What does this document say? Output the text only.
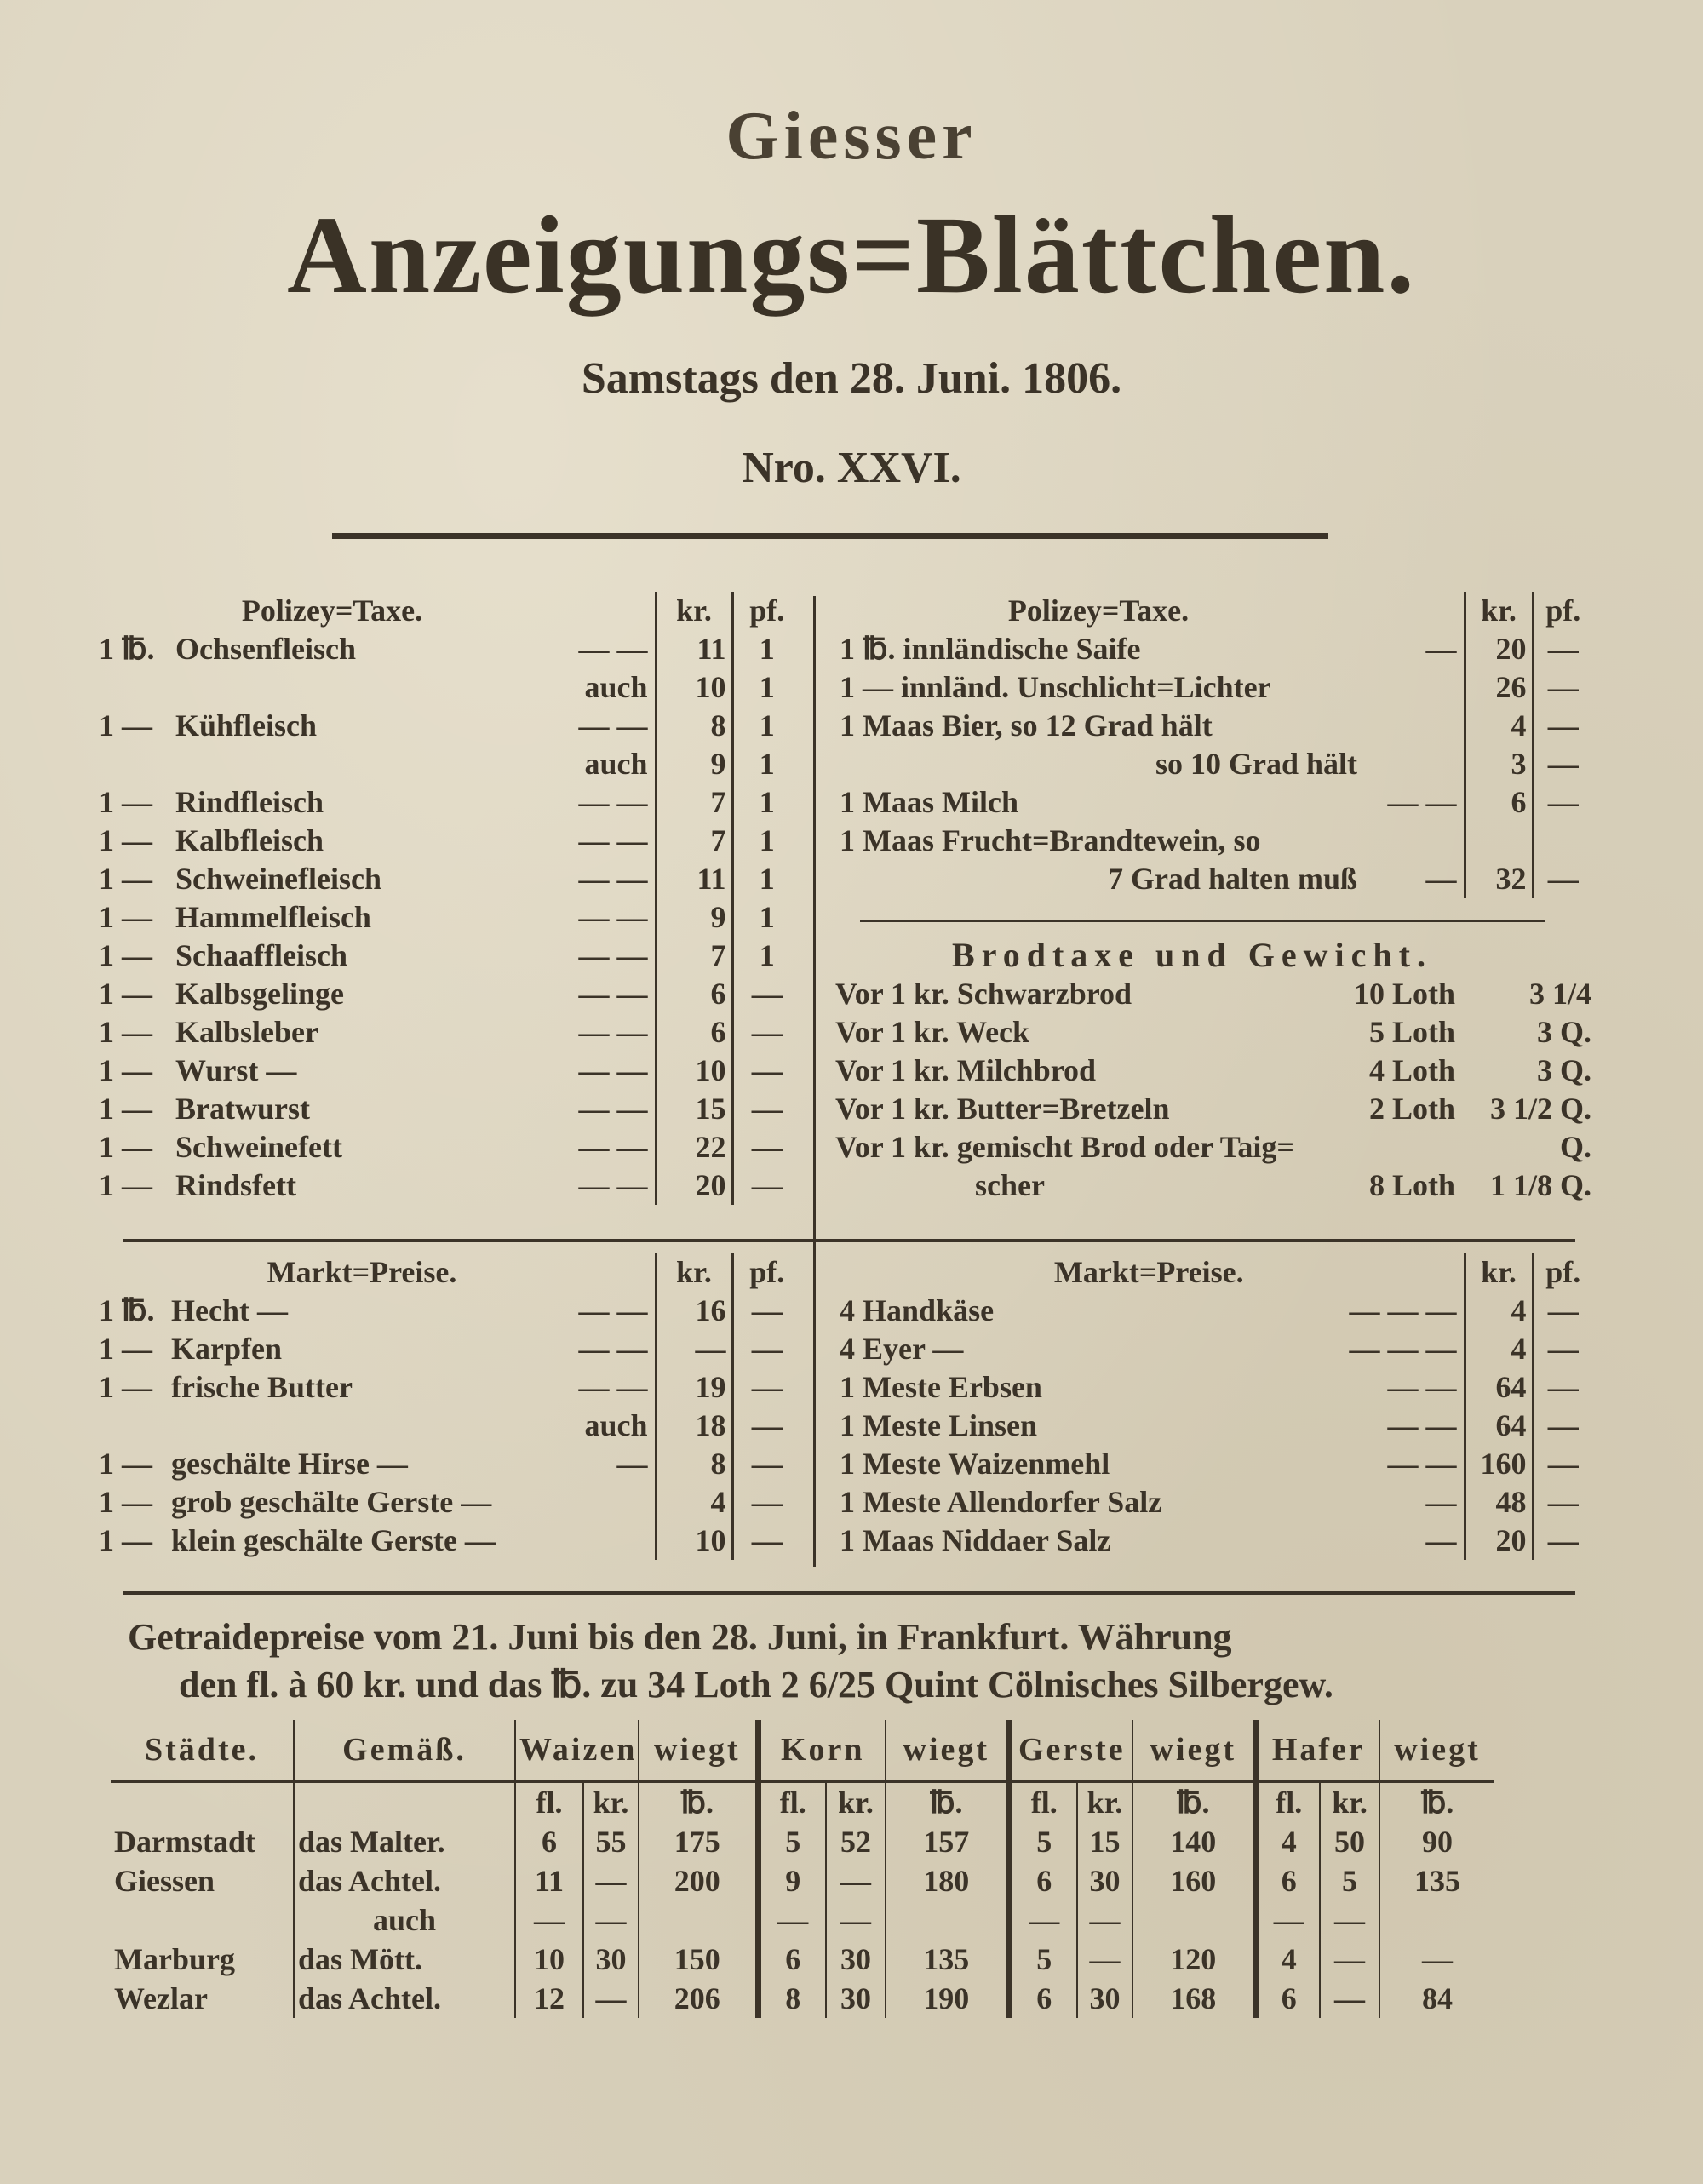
Giesser
Anzeigungs=Blättchen.
Samstags den 28. Juni. 1806.
Nro. XXVI.
	Polizey=Taxe.		kr.	pf.
1 ℔.	Ochsenfleisch	— —	11	1
		auch	10	1
1 —	Kühfleisch	— —	8	1
		auch	9	1
1 —	Rindfleisch	— —	7	1
1 —	Kalbfleisch	— —	7	1
1 —	Schweinefleisch	— —	11	1
1 —	Hammelfleisch	— —	9	1
1 —	Schaaffleisch	— —	7	1
1 —	Kalbsgelinge	— —	6	—
1 —	Kalbsleber	— —	6	—
1 —	Wurst —	— —	10	—
1 —	Bratwurst	— —	15	—
1 —	Schweinefett	— —	22	—
1 —	Rindsfett	— —	20	—
Polizey=Taxe.		kr.	pf.
1 ℔. innländische Saife	—	20	—
1 — innländ. Unschlicht=Lichter		26	—
1 Maas Bier, so 12 Grad hält		4	—
so 10 Grad hält		3	—
1 Maas Milch	— —	6	—
1 Maas Frucht=Brandtewein, so			
7 Grad halten muß	—	32	—
Brodtaxe und Gewicht.
Vor 1 kr. Schwarzbrod	10 Loth	3 1/4
Vor 1 kr. Weck	5 Loth	3 Q.
Vor 1 kr. Milchbrod	4 Loth	3 Q.
Vor 1 kr. Butter=Bretzeln	2 Loth	3 1/2 Q.
Vor 1 kr. gemischt Brod oder Taig=		Q.
scher	8 Loth	1 1/8 Q.
	Markt=Preise.		kr.	pf.
1 ℔.	Hecht —	— —	16	—
1 —	Karpfen	— —	—	—
1 —	frische Butter	— —	19	—
		auch	18	—
1 —	geschälte Hirse —	—	8	—
1 —	grob geschälte Gerste —		4	—
1 —	klein geschälte Gerste —		10	—
Markt=Preise.		kr.	pf.
4 Handkäse	— — —	4	—
4 Eyer —	— — —	4	—
1 Meste Erbsen	— —	64	—
1 Meste Linsen	— —	64	—
1 Meste Waizenmehl	— —	160	—
1 Meste Allendorfer Salz	—	48	—
1 Maas Niddaer Salz	—	20	—
Getraidepreise vom 21. Juni bis den 28. Juni, in Frankfurt. Währung
den fl. à 60 kr. und das ℔. zu 34 Loth 2 6/25 Quint Cölnisches Silbergew.
Städte.	Gemäß.	Waizen		wiegt	Korn		wiegt	Gerste		wiegt	Hafer		wiegt
		fl.	kr.	℔.	fl.	kr.	℔.	fl.	kr.	℔.	fl.	kr.	℔.
Darmstadt	das Malter.	6	55	175	5	52	157	5	15	140	4	50	90
Giessen	das Achtel.	11	—	200	9	—	180	6	30	160	6	5	135
	auch	—	—		—	—		—	—		—	—	
Marburg	das Mött.	10	30	150	6	30	135	5	—	120	4	—	—
Wezlar	das Achtel.	12	—	206	8	30	190	6	30	168	6	—	84
